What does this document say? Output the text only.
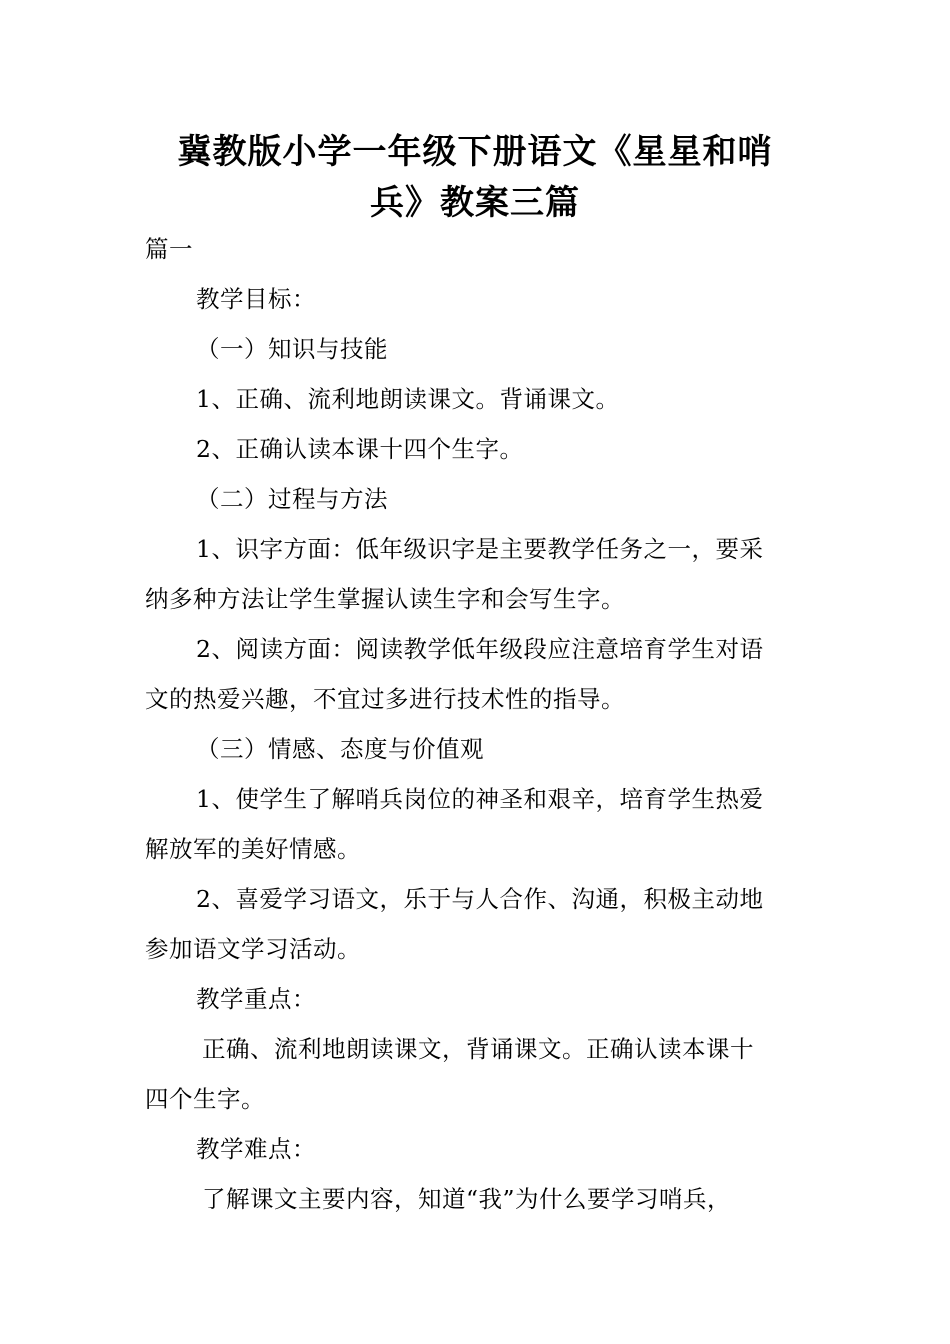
冀教版小学一年级下册语文《星星和哨
兵》教案三篇
篇一
教学目标：
（一）知识与技能
1、正确、流利地朗读课文。背诵课文。
2、正确认读本课十四个生字。
（二）过程与方法
1、识字方面：低年级识字是主要教学任务之一，要采
纳多种方法让学生掌握认读生字和会写生字。
2、阅读方面：阅读教学低年级段应注意培育学生对语
文的热爱兴趣，不宜过多进行技术性的指导。
（三）情感、态度与价值观
1、使学生了解哨兵岗位的神圣和艰辛，培育学生热爱
解放军的美好情感。
2、喜爱学习语文，乐于与人合作、沟通，积极主动地
参加语文学习活动。
教学重点：
正确、流利地朗读课文，背诵课文。正确认读本课十
四个生字。
教学难点：
了解课文主要内容，知道“我”为什么要学习哨兵，
